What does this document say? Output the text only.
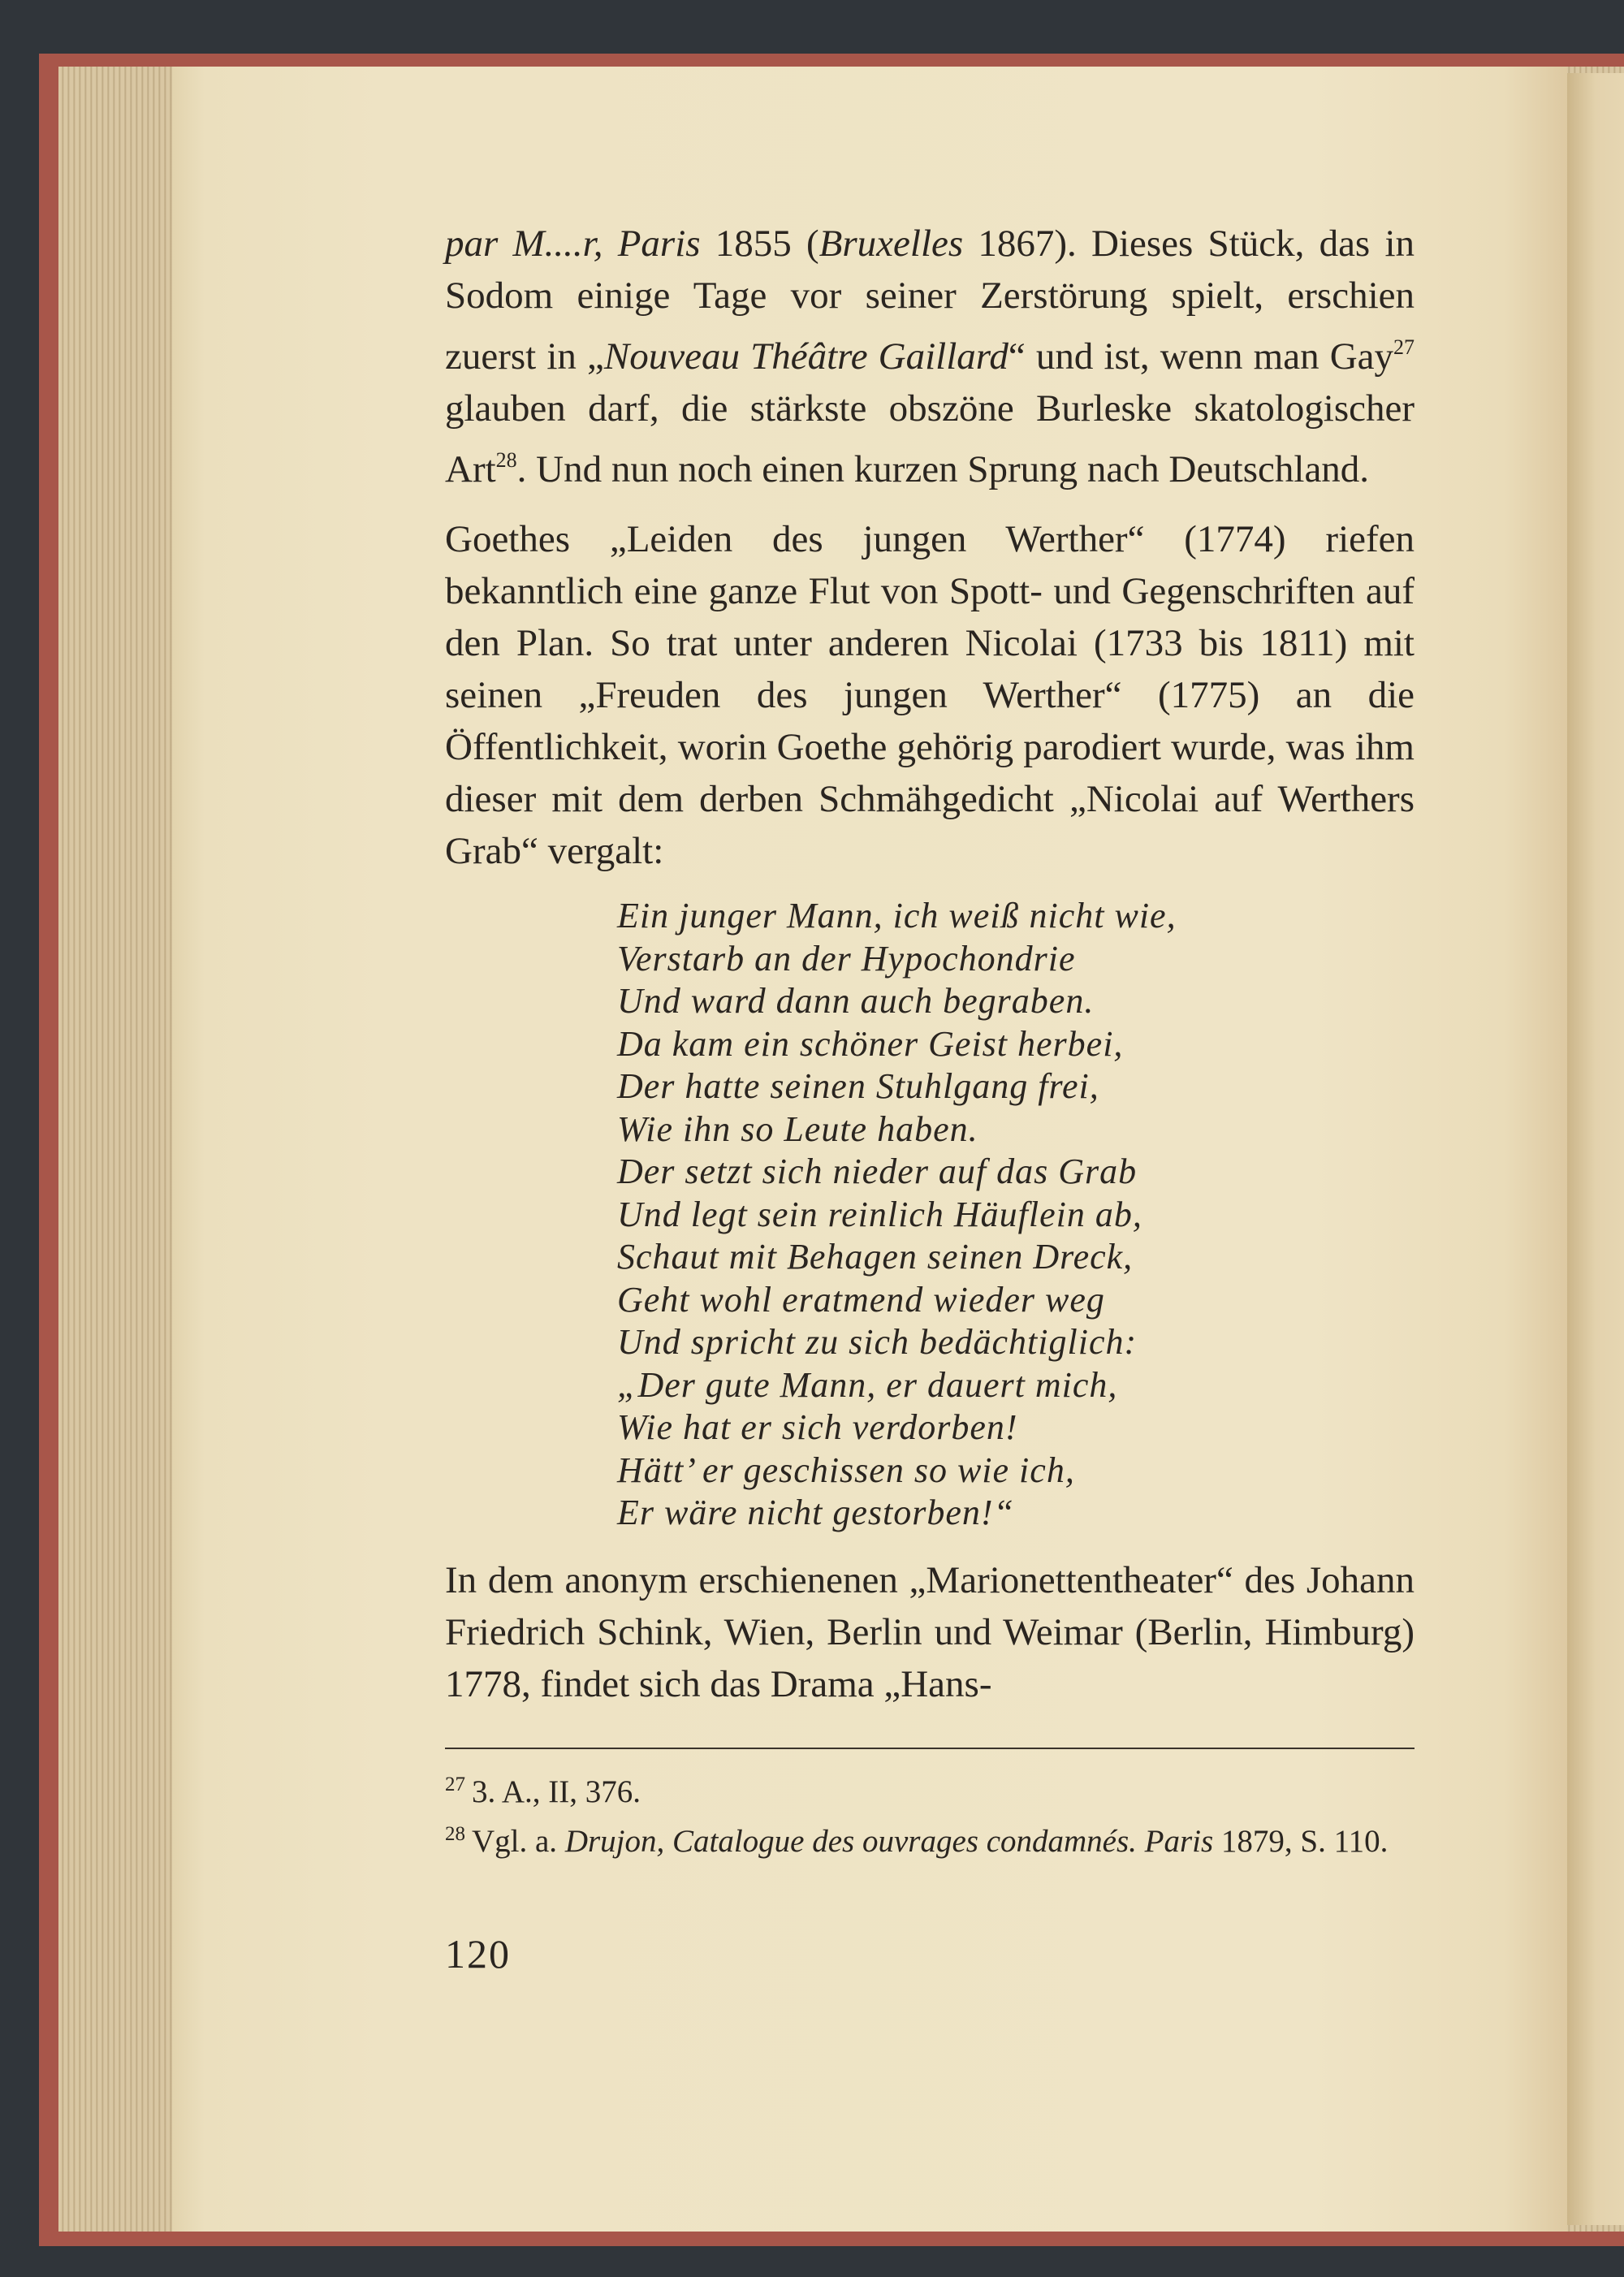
par M....r, Paris 1855 (Bruxelles 1867). Dieses Stück, das in Sodom einige Tage vor seiner Zerstörung spielt, erschien zuerst in „Nouveau Théâtre Gaillard“ und ist, wenn man Gay$^{27}$ glauben darf, die stärkste obszöne Burleske skatologischer Art$^{28}$. Und nun noch einen kurzen Sprung nach Deutschland.

Goethes „Leiden des jungen Werther“ (1774) riefen bekanntlich eine ganze Flut von Spott- und Gegenschriften auf den Plan. So trat unter anderen Nicolai (1733 bis 1811) mit seinen „Freuden des jungen Werther“ (1775) an die Öffentlichkeit, worin Goethe gehörig parodiert wurde, was ihm dieser mit dem derben Schmähgedicht „Nicolai auf Werthers Grab“ vergalt:

Ein junger Mann, ich weiß nicht wie,
Verstarb an der Hypochondrie
Und ward dann auch begraben.
Da kam ein schöner Geist herbei,
Der hatte seinen Stuhlgang frei,
Wie ihn so Leute haben.
Der setzt sich nieder auf das Grab
Und legt sein reinlich Häuflein ab,
Schaut mit Behagen seinen Dreck,
Geht wohl eratmend wieder weg
Und spricht zu sich bedächtiglich:
„Der gute Mann, er dauert mich,
Wie hat er sich verdorben!
Hätt’ er geschissen so wie ich,
Er wäre nicht gestorben!“

In dem anonym erschienenen „Marionettentheater“ des Johann Friedrich Schink, Wien, Berlin und Weimar (Berlin, Himburg) 1778, findet sich das Drama „Hans-

$^{27}$ 3. A., II, 376.

$^{28}$ Vgl. a. Drujon, Catalogue des ouvrages condamnés. Paris 1879, S. 110.

120
